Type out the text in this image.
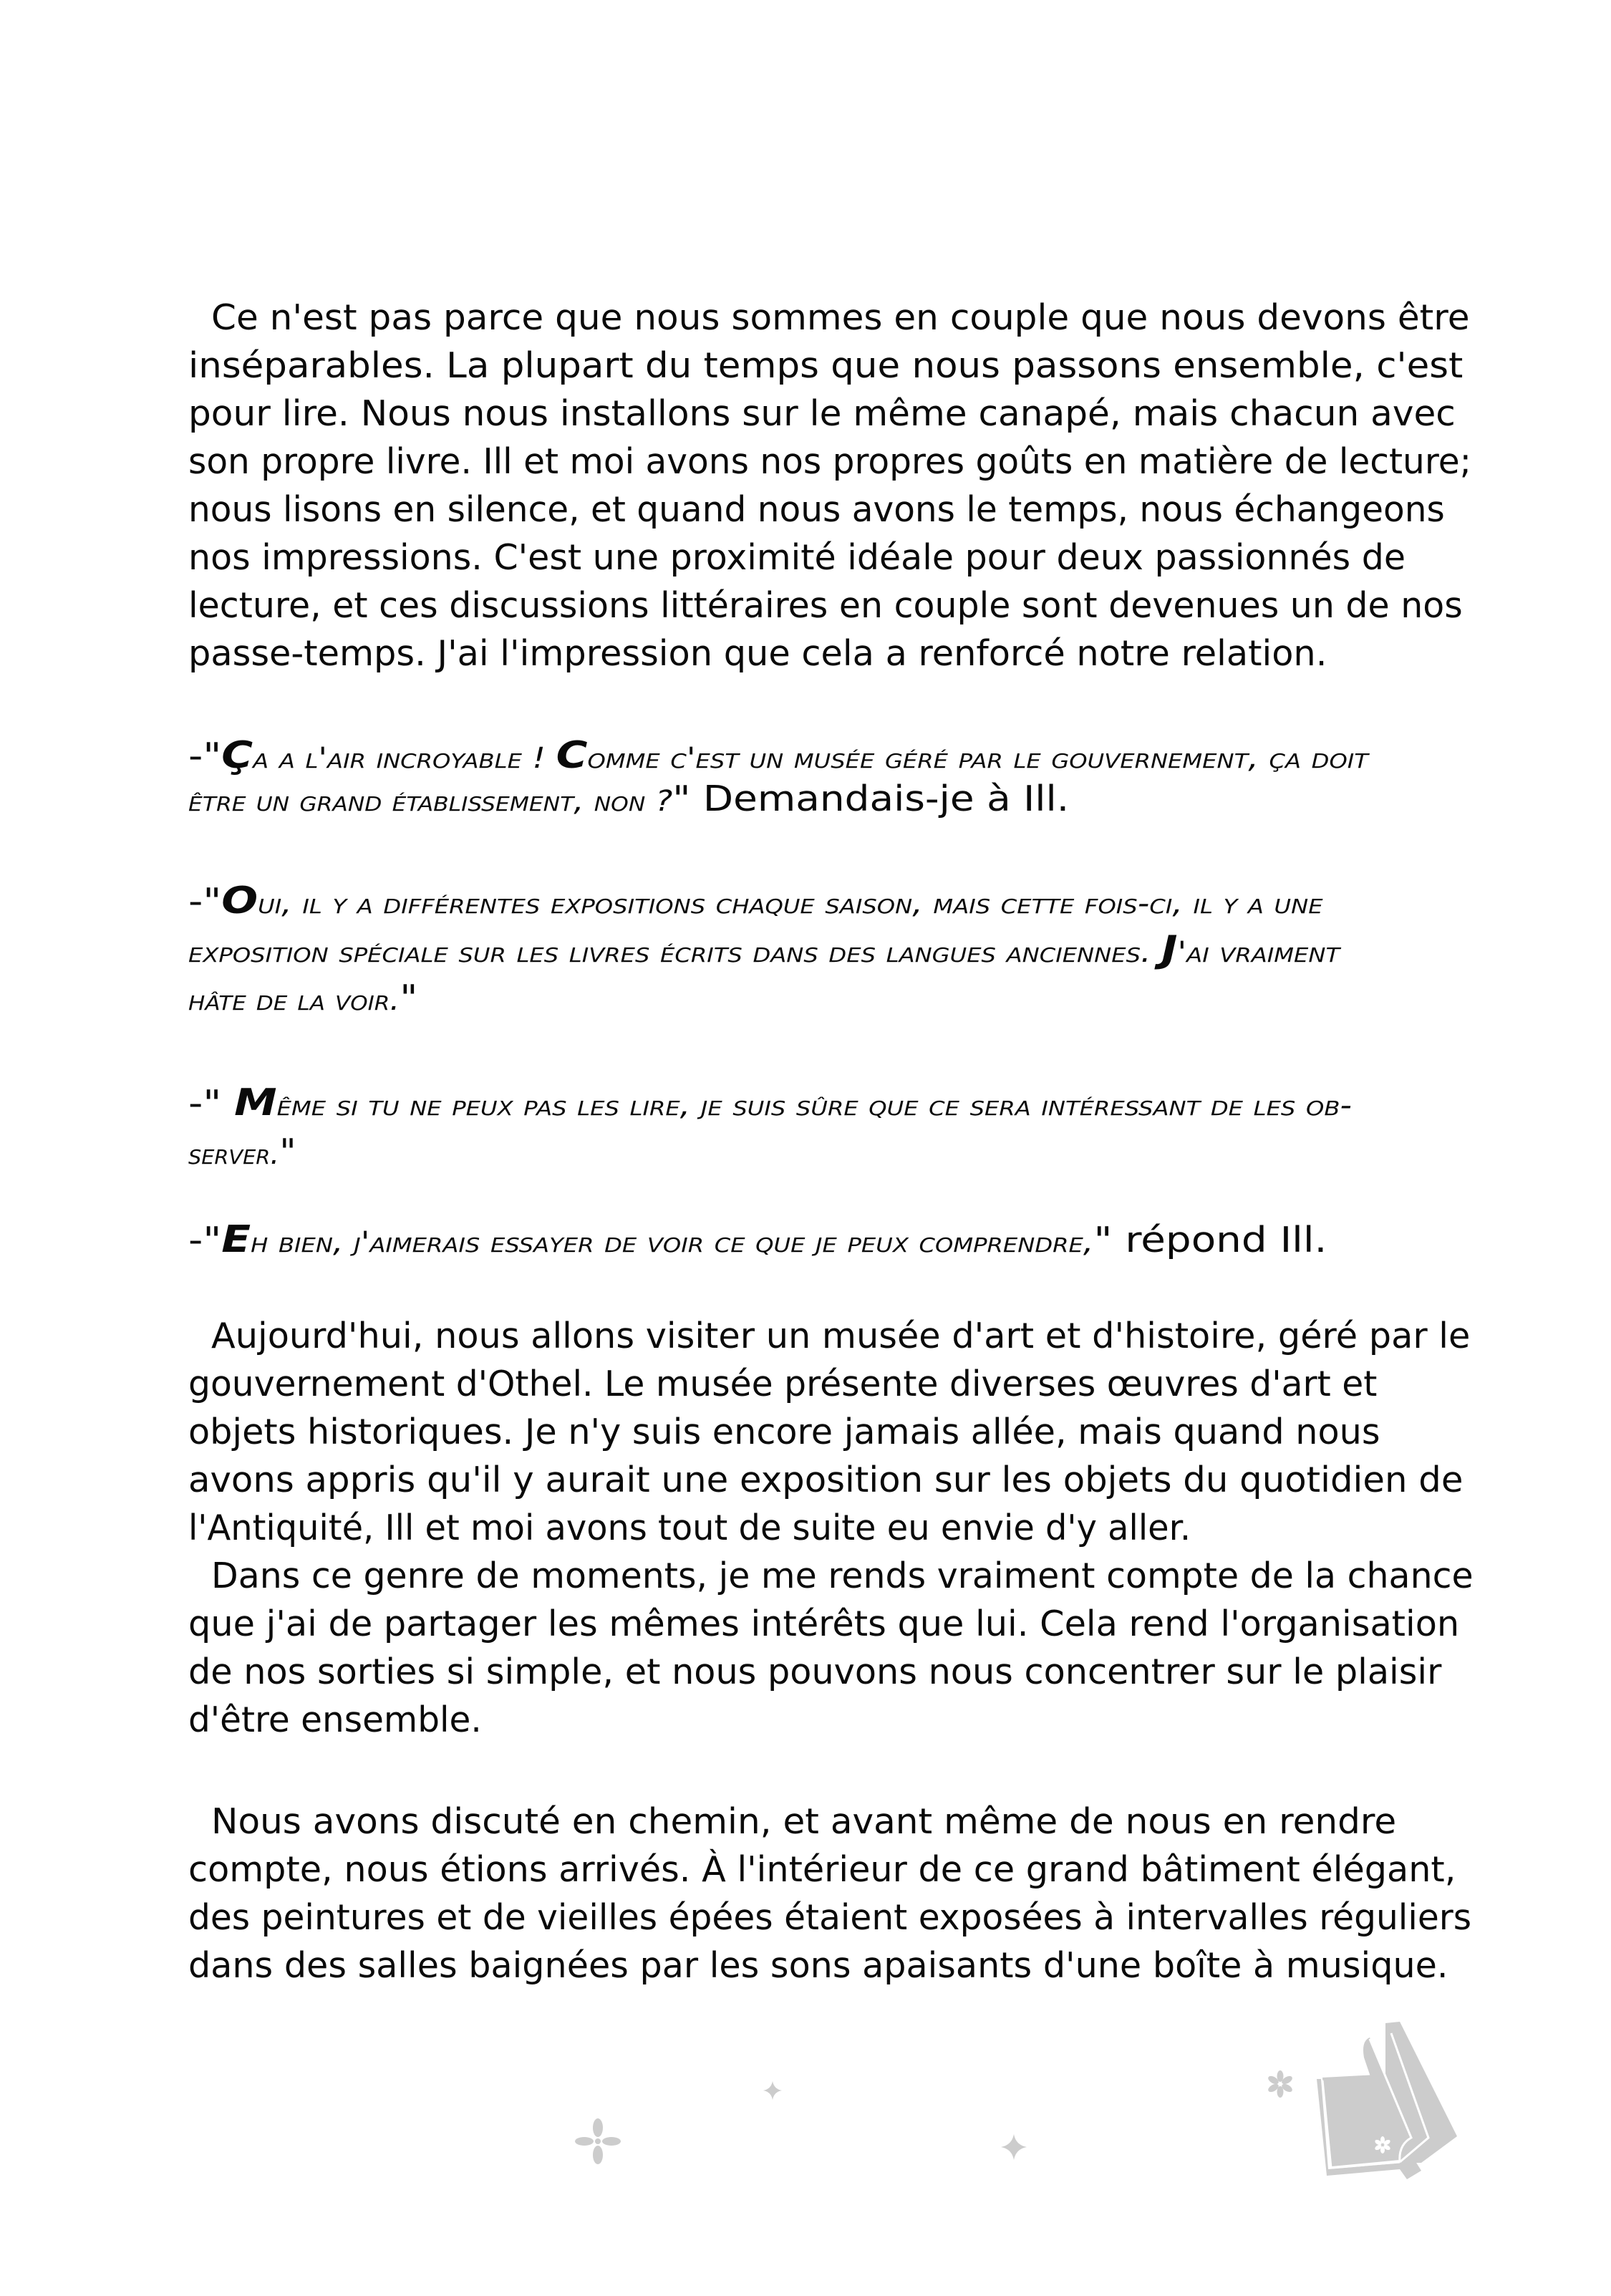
Ce n'est pas parce que nous sommes en couple que nous devons être
inséparables. La plupart du temps que nous passons ensemble, c'est
pour lire. Nous nous installons sur le même canapé, mais chacun avec
son propre livre. Ill et moi avons nos propres goûts en matière de lecture;
nous lisons en silence, et quand nous avons le temps, nous échangeons
nos impressions. C'est une proximité idéale pour deux passionnés de
lecture, et ces discussions littéraires en couple sont devenues un de nos
passe-temps. J'ai l'impression que cela a renforcé notre relation.
-"Ça a l'air incroyable ! Comme c'est un musée géré par le gouvernement, ça doit
être un grand établissement, non ?" Demandais-je à Ill.
-"Oui, il y a différentes expositions chaque saison, mais cette fois-ci, il y a une
exposition spéciale sur les livres écrits dans des langues anciennes. J'ai vraiment
hâte de la voir."
-" Même si tu ne peux pas les lire, je suis sûre que ce sera intéressant de les ob-
server."
-"Eh bien, j'aimerais essayer de voir ce que je peux comprendre," répond Ill.
Aujourd'hui, nous allons visiter un musée d'art et d'histoire, géré par le
gouvernement d'Othel. Le musée présente diverses œuvres d'art et
objets historiques. Je n'y suis encore jamais allée, mais quand nous
avons appris qu'il y aurait une exposition sur les objets du quotidien de
l'Antiquité, Ill et moi avons tout de suite eu envie d'y aller.
Dans ce genre de moments, je me rends vraiment compte de la chance
que j'ai de partager les mêmes intérêts que lui. Cela rend l'organisation
de nos sorties si simple, et nous pouvons nous concentrer sur le plaisir
d'être ensemble.
Nous avons discuté en chemin, et avant même de nous en rendre
compte, nous étions arrivés. À l'intérieur de ce grand bâtiment élégant,
des peintures et de vieilles épées étaient exposées à intervalles réguliers
dans des salles baignées par les sons apaisants d'une boîte à musique.
